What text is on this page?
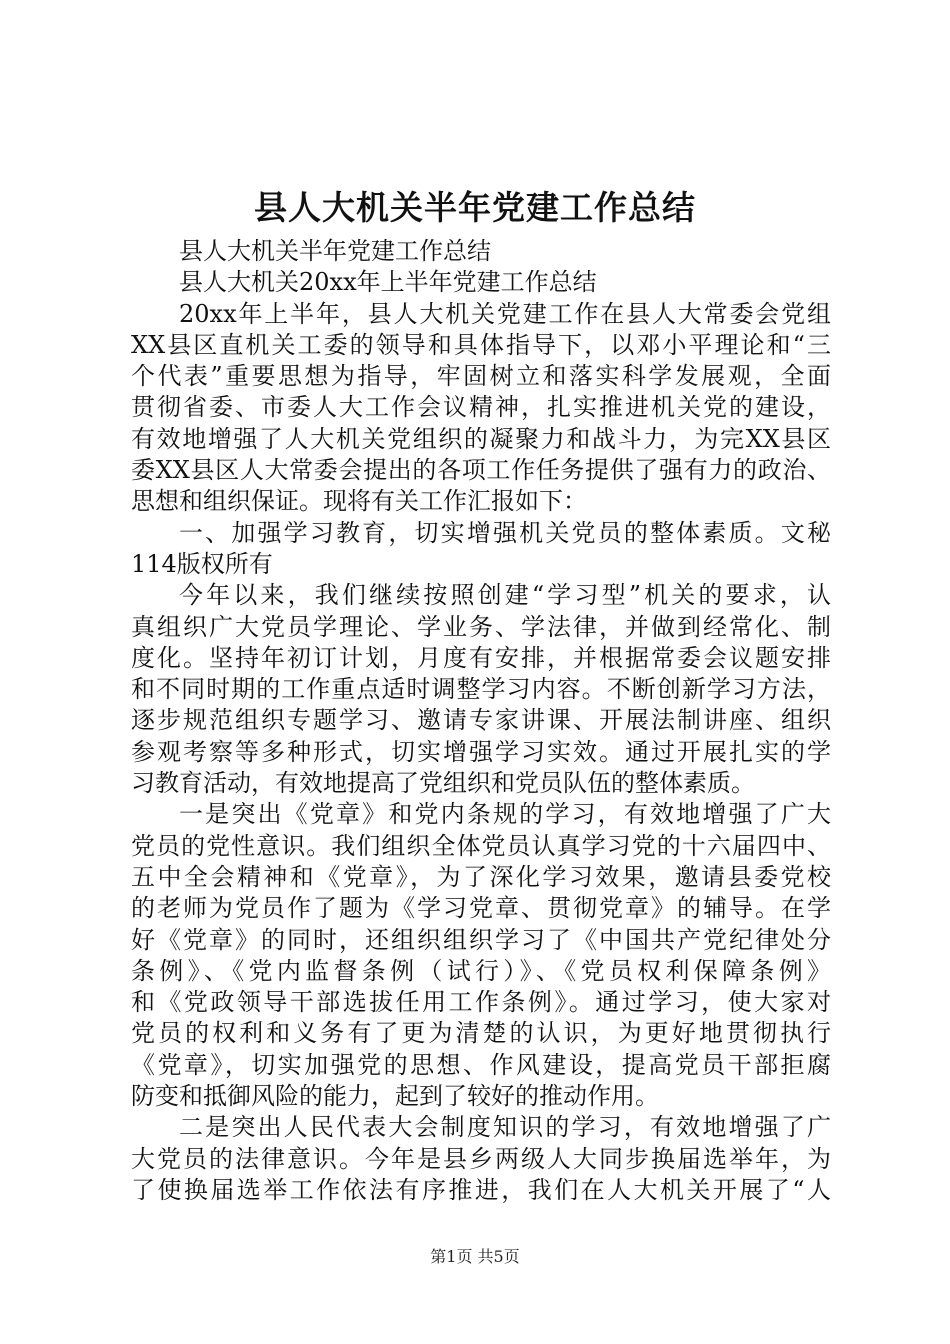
县人大机关半年党建工作总结
县人大机关半年党建工作总结
县人大机关20xx年上半年党建工作总结
20xx年上半年，县人大机关党建工作在县人大常委会党组
XX县区直机关工委的领导和具体指导下，以邓小平理论和“三
个代表”重要思想为指导，牢固树立和落实科学发展观，全面
贯彻省委、市委人大工作会议精神，扎实推进机关党的建设，
有效地增强了人大机关党组织的凝聚力和战斗力，为完XX县区
委XX县区人大常委会提出的各项工作任务提供了强有力的政治、
思想和组织保证。现将有关工作汇报如下：
一、加强学习教育，切实增强机关党员的整体素质。文秘
114版权所有
今年以来，我们继续按照创建“学习型”机关的要求，认
真组织广大党员学理论、学业务、学法律，并做到经常化、制
度化。坚持年初订计划，月度有安排，并根据常委会议题安排
和不同时期的工作重点适时调整学习内容。不断创新学习方法，
逐步规范组织专题学习、邀请专家讲课、开展法制讲座、组织
参观考察等多种形式，切实增强学习实效。通过开展扎实的学
习教育活动，有效地提高了党组织和党员队伍的整体素质。
一是突出《党章》和党内条规的学习，有效地增强了广大
党员的党性意识。我们组织全体党员认真学习党的十六届四中、
五中全会精神和《党章》，为了深化学习效果，邀请县委党校
的老师为党员作了题为《学习党章、贯彻党章》的辅导。在学
好《党章》的同时，还组织组织学习了《中国共产党纪律处分
条例》、《党内监督条例（试行）》、《党员权利保障条例》
和《党政领导干部选拔任用工作条例》。通过学习，使大家对
党员的权利和义务有了更为清楚的认识，为更好地贯彻执行
《党章》，切实加强党的思想、作风建设，提高党员干部拒腐
防变和抵御风险的能力，起到了较好的推动作用。
二是突出人民代表大会制度知识的学习，有效地增强了广
大党员的法律意识。今年是县乡两级人大同步换届选举年，为
了使换届选举工作依法有序推进，我们在人大机关开展了“人
第1页 共5页
